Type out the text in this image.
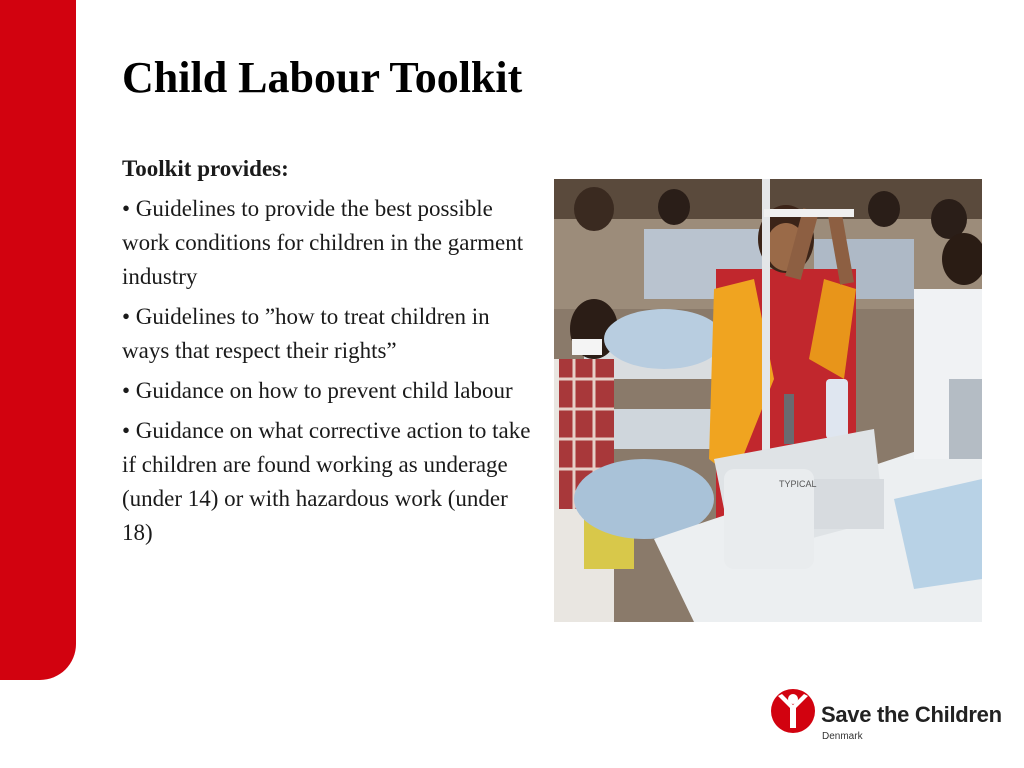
Child Labour Toolkit

Toolkit provides:

• Guidelines to provide the best possible work conditions for children in the garment industry

• Guidelines to ”how to treat children in ways that respect their rights”

• Guidance on how to prevent child labour

• Guidance on what corrective action to take if children are found working as underage (under 14) or with hazardous work (under 18)

TYPICAL
Save the Children
Denmark
